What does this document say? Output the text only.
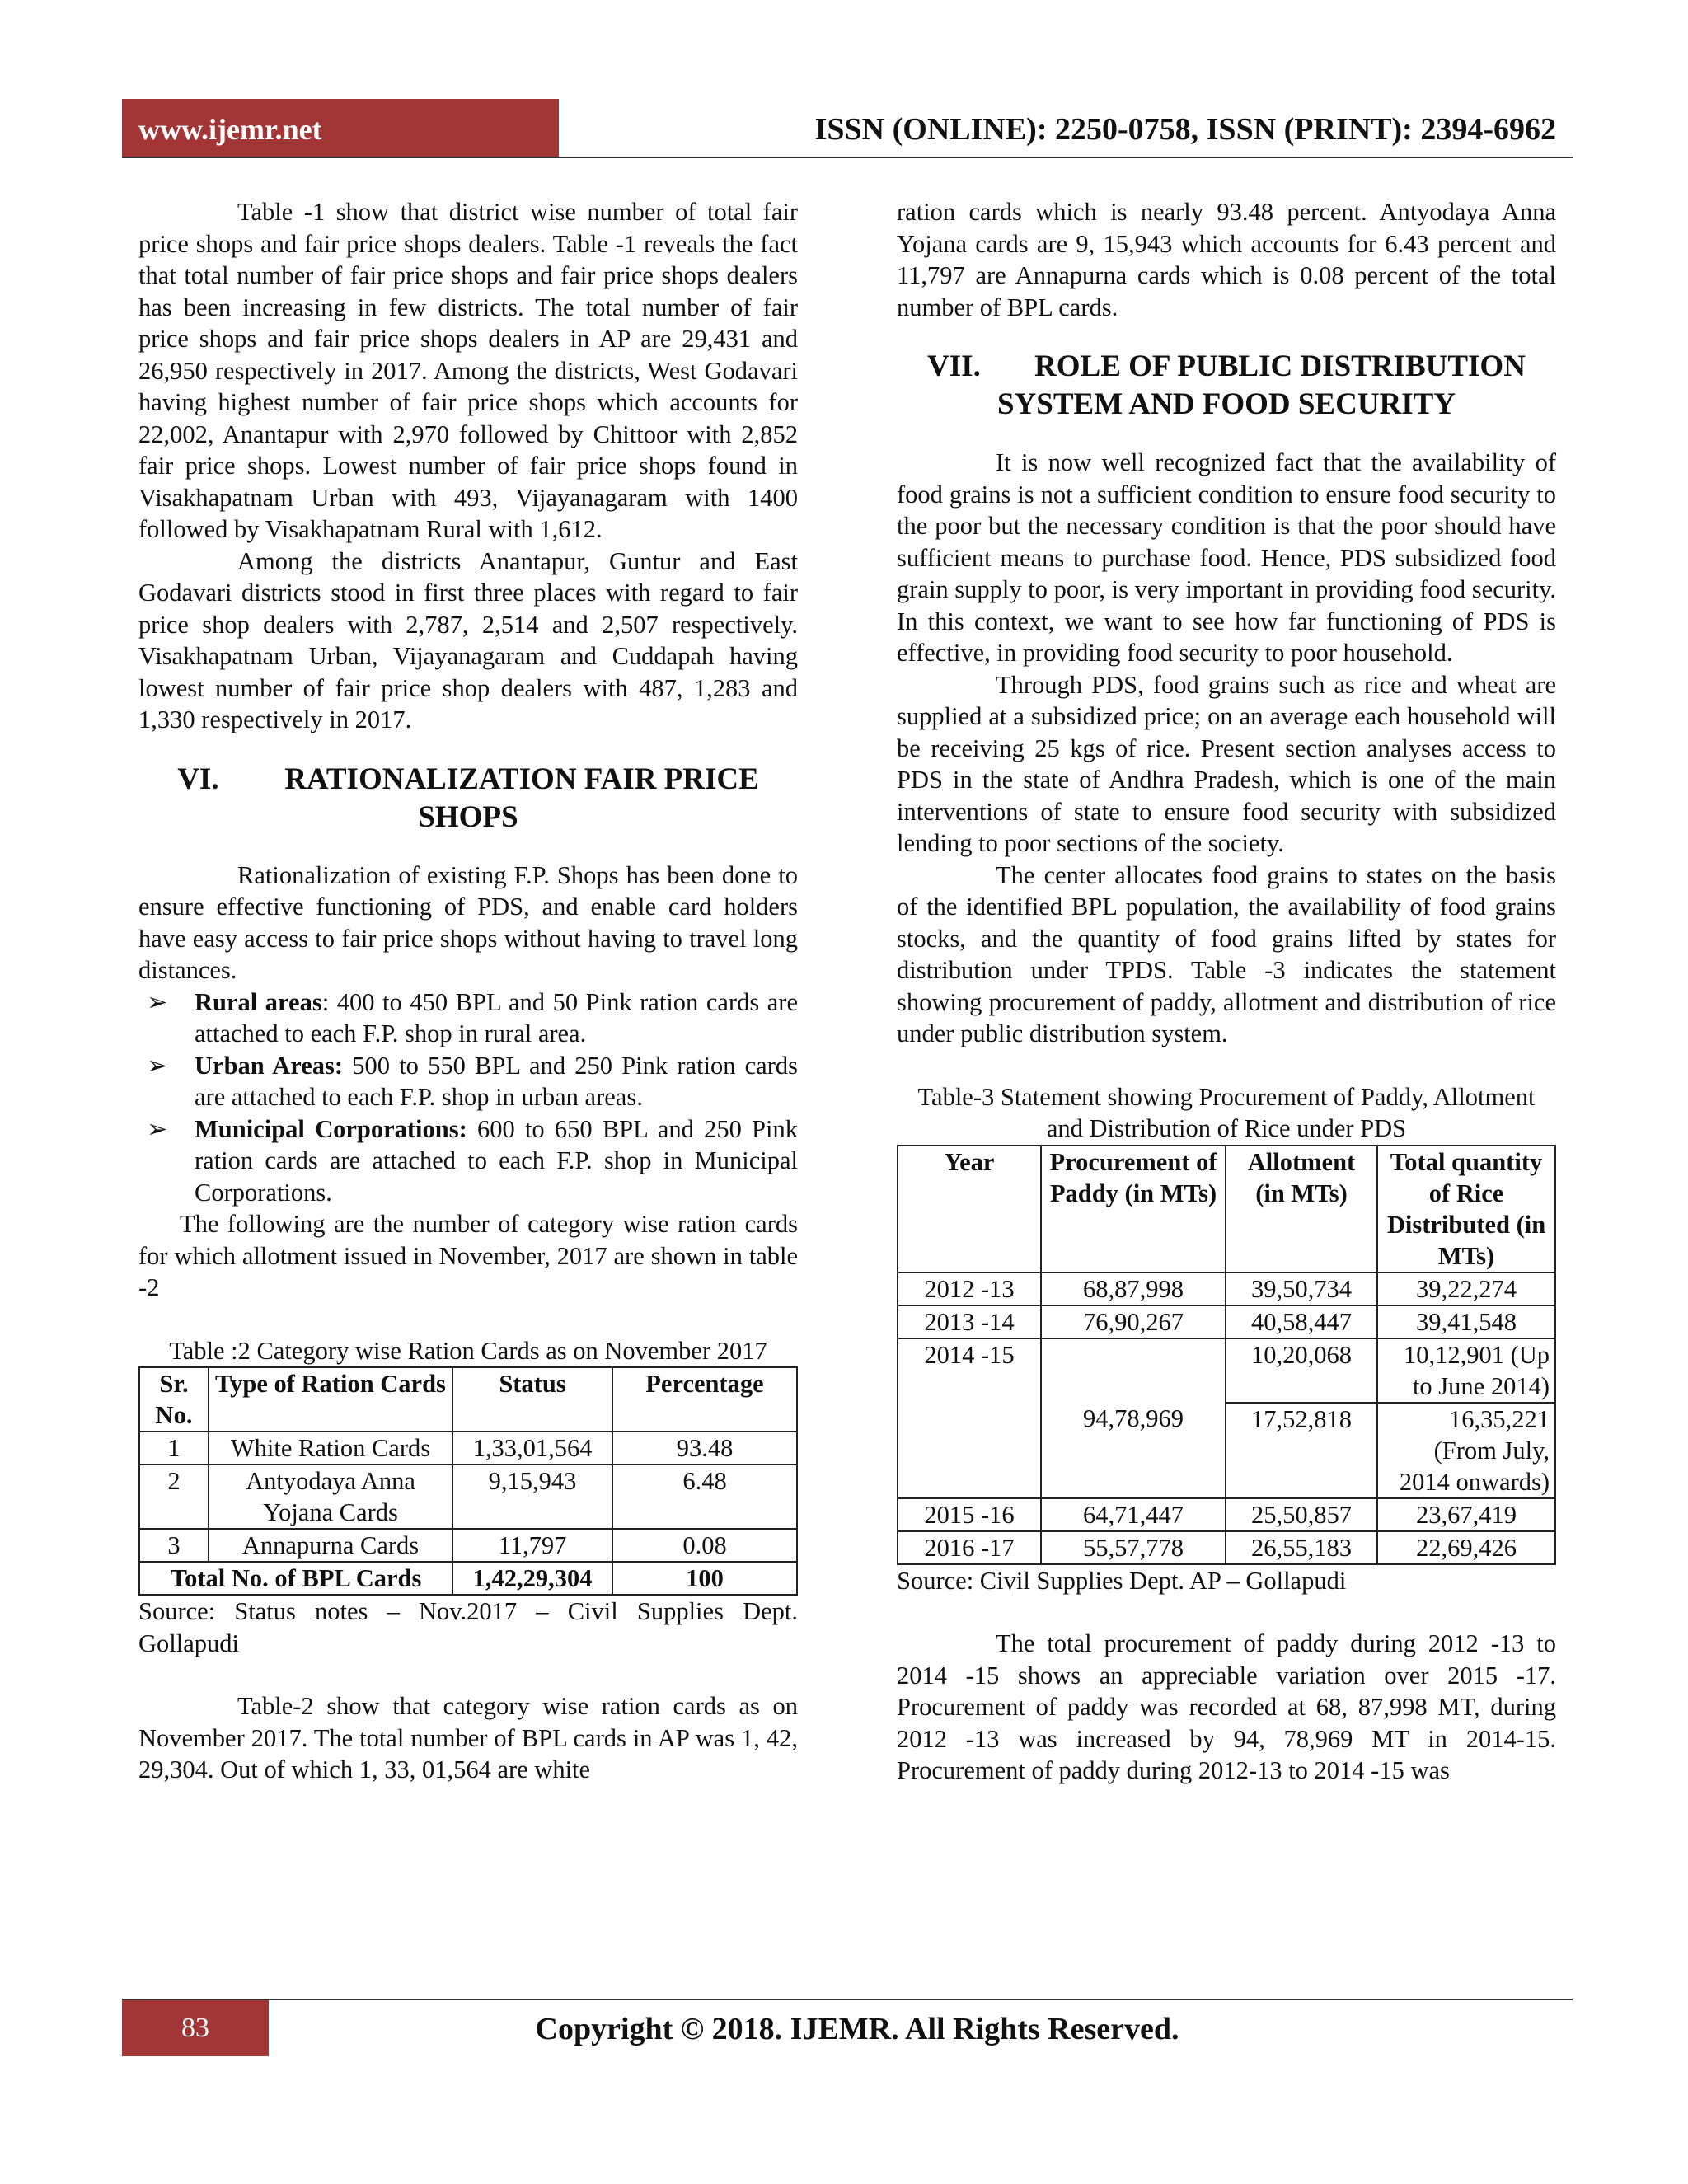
www.ijemr.net	ISSN (ONLINE): 2250-0758, ISSN (PRINT): 2394-6962

Table -1 show that district wise number of total fair price shops and fair price shops dealers. Table -1 reveals the fact that total number of fair price shops and fair price shops dealers has been increasing in few districts. The total number of fair price shops and fair price shops dealers in AP are 29,431 and 26,950 respectively in 2017. Among the districts, West Godavari having highest number of fair price shops which accounts for 22,002, Anantapur with 2,970 followed by Chittoor with 2,852 fair price shops. Lowest number of fair price shops found in Visakhapatnam Urban with 493, Vijayanagaram with 1400 followed by Visakhapatnam Rural with 1,612.

Among the districts Anantapur, Guntur and East Godavari districts stood in first three places with regard to fair price shop dealers with 2,787, 2,514 and 2,507 respectively. Visakhapatnam Urban, Vijayanagaram and Cuddapah having lowest number of fair price shop dealers with 487, 1,283 and 1,330 respectively in 2017.

VI. RATIONALIZATION FAIR PRICE
SHOPS

Rationalization of existing F.P. Shops has been done to ensure effective functioning of PDS, and enable card holders have easy access to fair price shops without having to travel long distances.

➢ Rural areas: 400 to 450 BPL and 50 Pink ration cards are attached to each F.P. shop in rural area.
➢ Urban Areas: 500 to 550 BPL and 250 Pink ration cards are attached to each F.P. shop in urban areas.
➢ Municipal Corporations: 600 to 650 BPL and 250 Pink ration cards are attached to each F.P. shop in Municipal Corporations.

The following are the number of category wise ration cards for which allotment issued in November, 2017 are shown in table -2

Table :2 Category wise Ration Cards as on November 2017
Sr. No.	Type of Ration Cards	Status	Percentage
1	White Ration Cards	1,33,01,564	93.48
2	Antyodaya Anna Yojana Cards	9,15,943	6.48
3	Annapurna Cards	11,797	0.08
Total No. of BPL Cards		1,42,29,304	100

Source: Status notes – Nov.2017 – Civil Supplies Dept. Gollapudi

Table-2 show that category wise ration cards as on November 2017. The total number of BPL cards in AP was 1, 42, 29,304. Out of which 1, 33, 01,564 are white

ration cards which is nearly 93.48 percent. Antyodaya Anna Yojana cards are 9, 15,943 which accounts for 6.43 percent and 11,797 are Annapurna cards which is 0.08 percent of the total number of BPL cards.

VII. ROLE OF PUBLIC DISTRIBUTION
SYSTEM AND FOOD SECURITY

It is now well recognized fact that the availability of food grains is not a sufficient condition to ensure food security to the poor but the necessary condition is that the poor should have sufficient means to purchase food. Hence, PDS subsidized food grain supply to poor, is very important in providing food security. In this context, we want to see how far functioning of PDS is effective, in providing food security to poor household.

Through PDS, food grains such as rice and wheat are supplied at a subsidized price; on an average each household will be receiving 25 kgs of rice. Present section analyses access to PDS in the state of Andhra Pradesh, which is one of the main interventions of state to ensure food security with subsidized lending to poor sections of the society.

The center allocates food grains to states on the basis of the identified BPL population, the availability of food grains stocks, and the quantity of food grains lifted by states for distribution under TPDS. Table -3 indicates the statement showing procurement of paddy, allotment and distribution of rice under public distribution system.

Table-3 Statement showing Procurement of Paddy, Allotment and Distribution of Rice under PDS
Year	Procurement of Paddy (in MTs)	Allotment (in MTs)	Total quantity of Rice Distributed (in MTs)
2012 -13	68,87,998	39,50,734	39,22,274
2013 -14	76,90,267	40,58,447	39,41,548
2014 -15	94,78,969	10,20,068	10,12,901 (Up to June 2014)
		17,52,818	16,35,221 (From July, 2014 onwards)
2015 -16	64,71,447	25,50,857	23,67,419
2016 -17	55,57,778	26,55,183	22,69,426

Source: Civil Supplies Dept. AP – Gollapudi

The total procurement of paddy during 2012 -13 to 2014 -15 shows an appreciable variation over 2015 -17. Procurement of paddy was recorded at 68, 87,998 MT, during 2012 -13 was increased by 94, 78,969 MT in 2014-15. Procurement of paddy during 2012-13 to 2014 -15 was

83	Copyright © 2018. IJEMR. All Rights Reserved.
